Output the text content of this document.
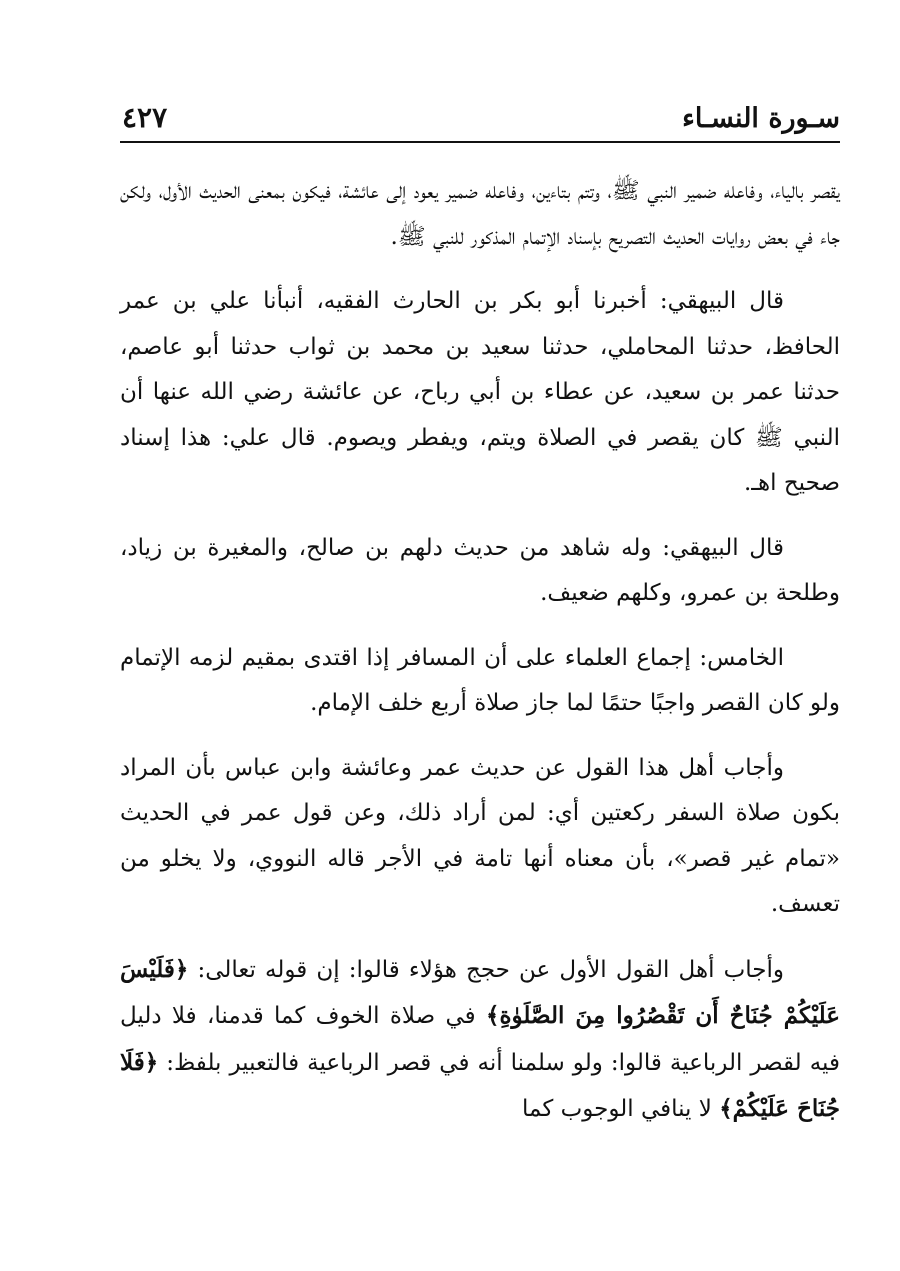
سـورة النسـاء
٤٢٧

يقصر بالياء، وفاعله ضمير النبي ﷺ، وتتم بتاءين، وفاعله ضمير يعود إلى عائشة، فيكون بمعنى الحديث الأول، ولكن جاء في بعض روايات الحديث التصريح بإسناد الإتمام المذكور للنبي ﷺ.

قال البيهقي: أخبرنا أبو بكر بن الحارث الفقيه، أنبأنا علي بن عمر الحافظ، حدثنا المحاملي، حدثنا سعيد بن محمد بن ثواب حدثنا أبو عاصم، حدثنا عمر بن سعيد، عن عطاء بن أبي رباح، عن عائشة رضي الله عنها أن النبي ﷺ كان يقصر في الصلاة ويتم، ويفطر ويصوم. قال علي: هذا إسناد صحيح اهـ.

قال البيهقي: وله شاهد من حديث دلهم بن صالح، والمغيرة بن زياد، وطلحة بن عمرو، وكلهم ضعيف.

الخامس: إجماع العلماء على أن المسافر إذا اقتدى بمقيم لزمه الإتمام ولو كان القصر واجبًا حتمًا لما جاز صلاة أربع خلف الإمام.

وأجاب أهل هذا القول عن حديث عمر وعائشة وابن عباس بأن المراد بكون صلاة السفر ركعتين أي: لمن أراد ذلك، وعن قول عمر في الحديث «تمام غير قصر»، بأن معناه أنها تامة في الأجر قاله النووي، ولا يخلو من تعسف.

وأجاب أهل القول الأول عن حجج هؤلاء قالوا: إن قوله تعالى: ﴿فَلَيْسَ عَلَيْكُمْ جُنَاحٌ أَن تَقْصُرُوا مِنَ الصَّلَوٰةِ﴾ في صلاة الخوف كما قدمنا، فلا دليل فيه لقصر الرباعية قالوا: ولو سلمنا أنه في قصر الرباعية فالتعبير بلفظ: ﴿فَلَا جُنَاحَ عَلَيْكُمْ﴾ لا ينافي الوجوب كما
